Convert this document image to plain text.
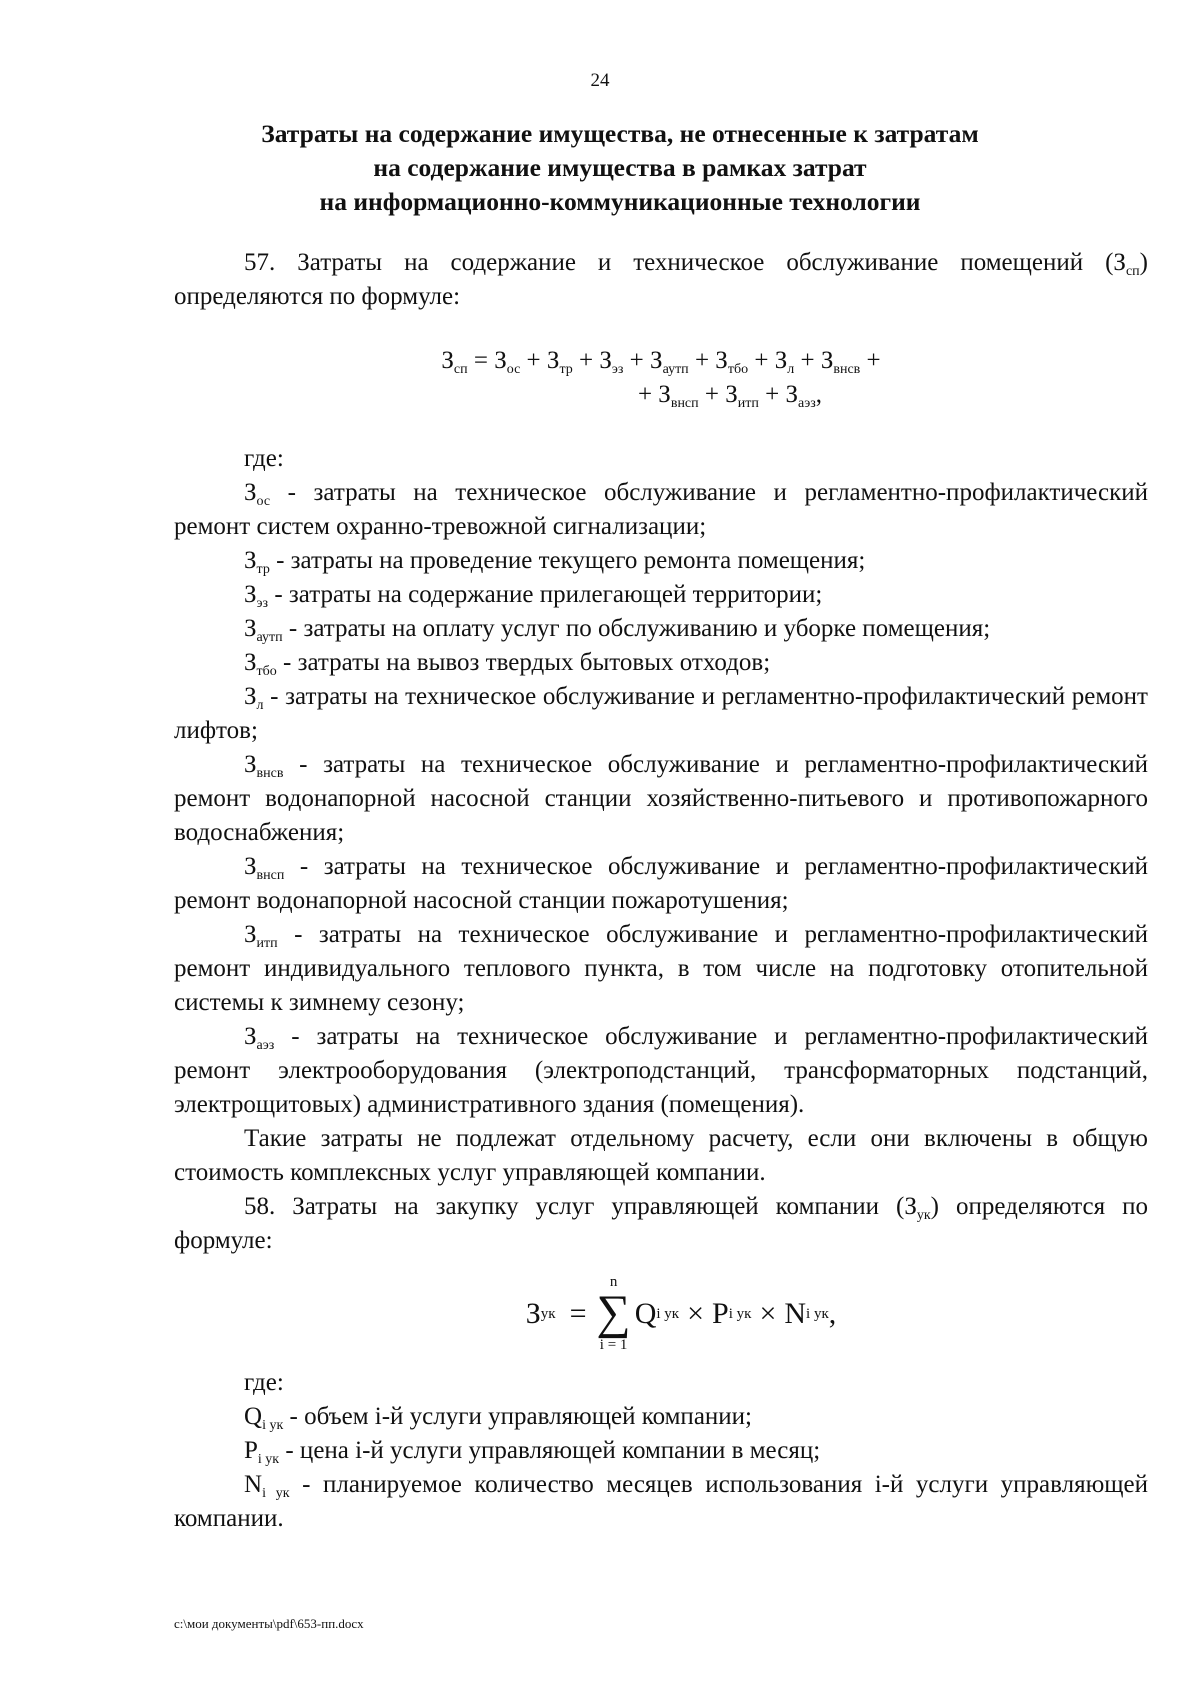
24
Затраты на содержание имущества, не отнесенные к затратам
на содержание имущества в рамках затрат
на информационно-коммуникационные технологии

57. Затраты на содержание и техническое обслуживание помещений $(З_{сп})$ определяются по формуле:

$З_{сп} = З_{ос} + З_{тр} + З_{эз} + З_{аутп} + З_{тбо} + З_л + З_{внсв}$ +
+ $З_{внсп} + З_{итп} + З_{аэз}$,

где:

$З_{ос}$ - затраты на техническое обслуживание и регламентно-профилактический ремонт систем охранно-тревожной сигнализации;

$З_{тр}$ - затраты на проведение текущего ремонта помещения;

$З_{эз}$ - затраты на содержание прилегающей территории;

$З_{аутп}$ - затраты на оплату услуг по обслуживанию и уборке помещения;

$З_{тбо}$ - затраты на вывоз твердых бытовых отходов;

$З_л$ - затраты на техническое обслуживание и регламентно-профилактический ремонт лифтов;

$З_{внсв}$ - затраты на техническое обслуживание и регламентно-профилактический ремонт водонапорной насосной станции хозяйственно-питьевого и противопожарного водоснабжения;

$З_{внсп}$ - затраты на техническое обслуживание и регламентно-профилактический ремонт водонапорной насосной станции пожаротушения;

$З_{итп}$ - затраты на техническое обслуживание и регламентно-профилактический ремонт индивидуального теплового пункта, в том числе на подготовку отопительной системы к зимнему сезону;

$З_{аэз}$ - затраты на техническое обслуживание и регламентно-профилактический ремонт электрооборудования (электроподстанций, трансформаторных подстанций, электрощитовых) административного здания (помещения).

Такие затраты не подлежат отдельному расчету, если они включены в общую стоимость комплексных услуг управляющей компании.

58. Затраты на закупку услуг управляющей компании $(З_{ук})$ определяются по формуле:

З ук =
n
∑
i = 1
Q i ук × P i ук × N i ук ,

где:

$Q_{i ук}$ - объем i-й услуги управляющей компании;

$P_{i ук}$ - цена i-й услуги управляющей компании в месяц;

$N_{i ук}$ - планируемое количество месяцев использования i-й услуги управляющей компании.

c:\мои документы\pdf\653-пп.docx
